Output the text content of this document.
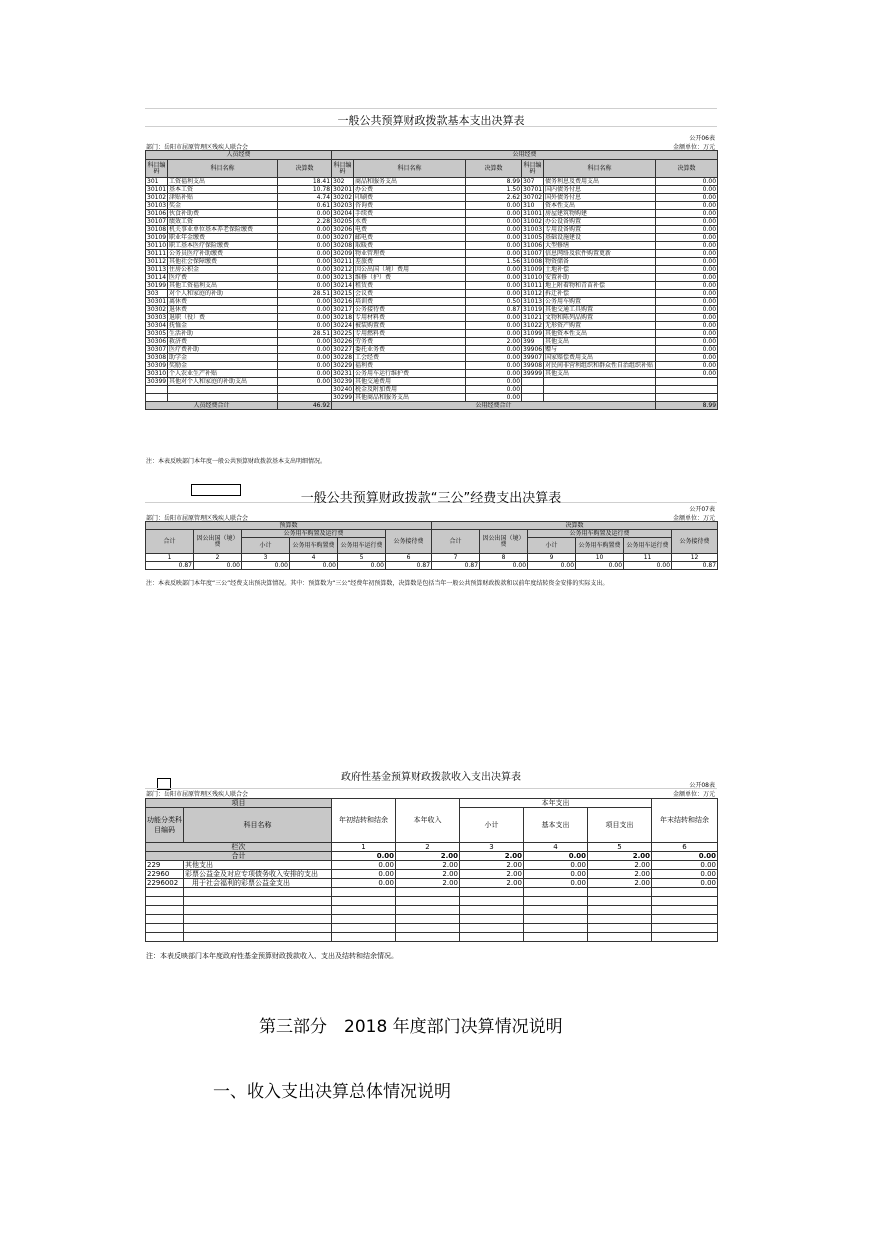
一般公共预算财政拨款基本支出决算表
公开06表
部门：岳阳市屈原管理区残疾人联合会	金额单位：万元
人员经费			公用经费					
科目编码	科目名称	决算数	科目编码	科目名称	决算数	科目编码	科目名称	决算数
301	工资福利支出	18.41	302	商品和服务支出	8.99	307	债务利息及费用支出	0.00
30101	基本工资	10.78	30201	办公费	1.50	30701	国内债务付息	0.00
30102	津贴补贴	4.74	30202	印刷费	2.62	30702	国外债务付息	0.00
30103	奖金	0.61	30203	咨询费	0.00	310	资本性支出	0.00
30106	伙食补助费	0.00	30204	手续费	0.00	31001	房屋建筑物购建	0.00
30107	绩效工资	2.28	30205	水费	0.00	31002	办公设备购置	0.00
30108	机关事业单位基本养老保险缴费	0.00	30206	电费	0.00	31003	专用设备购置	0.00
30109	职业年金缴费	0.00	30207	邮电费	0.00	31005	基础设施建设	0.00
30110	职工基本医疗保险缴费	0.00	30208	取暖费	0.00	31006	大型修缮	0.00
30111	公务员医疗补助缴费	0.00	30209	物业管理费	0.00	31007	信息网络及软件购置更新	0.00
30112	其他社会保障缴费	0.00	30211	差旅费	1.56	31008	物资储备	0.00
30113	住房公积金	0.00	30212	因公出国（境）费用	0.00	31009	土地补偿	0.00
30114	医疗费	0.00	30213	维修（护）费	0.00	31010	安置补助	0.00
30199	其他工资福利支出	0.00	30214	租赁费	0.00	31011	地上附着物和青苗补偿	0.00
303	对个人和家庭的补助	28.51	30215	会议费	0.00	31012	拆迁补偿	0.00
30301	离休费	0.00	30216	培训费	0.50	31013	公务用车购置	0.00
30302	退休费	0.00	30217	公务接待费	0.87	31019	其他交通工具购置	0.00
30303	退职（役）费	0.00	30218	专用材料费	0.00	31021	文物和陈列品购置	0.00
30304	抚恤金	0.00	30224	被装购置费	0.00	31022	无形资产购置	0.00
30305	生活补助	28.51	30225	专用燃料费	0.00	31099	其他资本性支出	0.00
30306	救济费	0.00	30226	劳务费	2.00	399	其他支出	0.00
30307	医疗费补助	0.00	30227	委托业务费	0.00	39906	赠与	0.00
30308	助学金	0.00	30228	工会经费	0.00	39907	国家赔偿费用支出	0.00
30309	奖励金	0.00	30229	福利费	0.00	39908	对民间非营利组织和群众性自治组织补贴	0.00
30310	个人农业生产补贴	0.00	30231	公务用车运行维护费	0.00	39999	其他支出	0.00
30399	其他对个人和家庭的补助支出	0.00	30239	其他交通费用	0.00			
			30240	税金及附加费用	0.00			
			30299	其他商品和服务支出	0.00			
人员经费合计		46.92	公用经费合计					8.99
注：本表反映部门本年度一般公共预算财政拨款基本支出明细情况。
一般公共预算财政拨款“三公”经费支出决算表
公开07表
部门：岳阳市屈原管理区残疾人联合会	金额单位：万元
预算数						决算数					
合计	因公出国（境）费	公务用车购置及运行费			公务接待费	合计	因公出国（境）费	公务用车购置及运行费			公务接待费
		小计	公务用车购置费	公务用车运行费				小计	公务用车购置费	公务用车运行费	
1	2	3	4	5	6	7	8	9	10	11	12
0.87	0.00	0.00	0.00	0.00	0.87	0.87	0.00	0.00	0.00	0.00	0.87
注：本表反映部门本年度“三公”经费支出预决算情况。其中：预算数为“三公”经费年初预算数，决算数是包括当年一般公共预算财政拨款和以前年度结转资金安排的实际支出。
政府性基金预算财政拨款收入支出决算表
公开08表
部门：岳阳市屈原管理区残疾人联合会	金额单位：万元
项目		年初结转和结余	本年收入	本年支出			年末结转和结余
功能分类科目编码	科目名称			小计	基本支出	项目支出	

栏次		1	2	3	4	5	6
合计		0.00	2.00	2.00	0.00	2.00	0.00
229	其他支出	0.00	2.00	2.00	0.00	2.00	0.00
22960	彩票公益金及对应专项债务收入安排的支出	0.00	2.00	2.00	0.00	2.00	0.00
2296002	用于社会福利的彩票公益金支出	0.00	2.00	2.00	0.00	2.00	0.00

注：本表反映部门本年度政府性基金预算财政拨款收入、支出及结转和结余情况。
第三部分　2018 年度部门决算情况说明
一、收入支出决算总体情况说明
